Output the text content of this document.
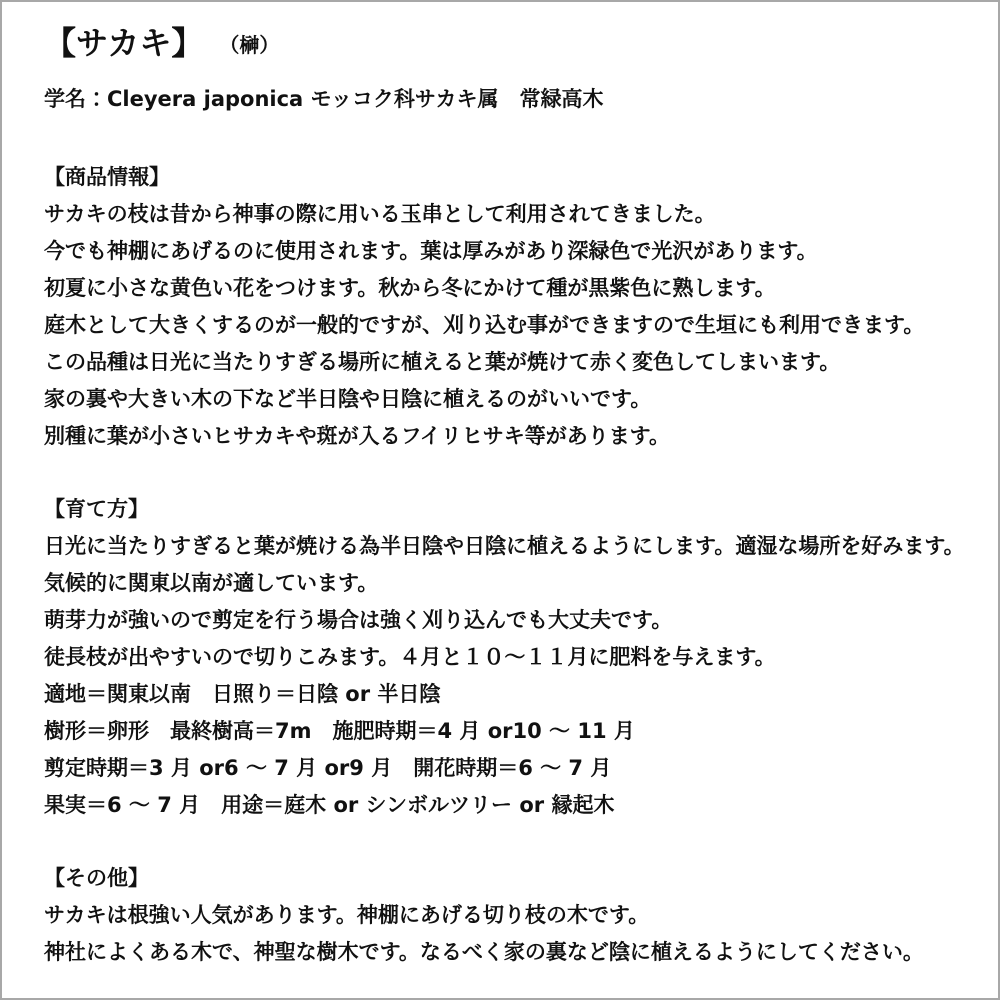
【サカキ】 （榊）

学名：Cleyera japonica モッコク科サカキ属　常緑高木

【商品情報】

サカキの枝は昔から神事の際に用いる玉串として利用されてきました。

今でも神棚にあげるのに使用されます。葉は厚みがあり深緑色で光沢があります。

初夏に小さな黄色い花をつけます。秋から冬にかけて種が黒紫色に熟します。

庭木として大きくするのが一般的ですが、刈り込む事ができますので生垣にも利用できます。

この品種は日光に当たりすぎる場所に植えると葉が焼けて赤く変色してしまいます。

家の裏や大きい木の下など半日陰や日陰に植えるのがいいです。

別種に葉が小さいヒサカキや斑が入るフイリヒサキ等があります。

【育て方】

日光に当たりすぎると葉が焼ける為半日陰や日陰に植えるようにします。適湿な場所を好みます。

気候的に関東以南が適しています。

萌芽力が強いので剪定を行う場合は強く刈り込んでも大丈夫です。

徒長枝が出やすいので切りこみます。４月と１０～１１月に肥料を与えます。

適地＝関東以南　日照り＝日陰 or 半日陰

樹形＝卵形　最終樹高＝7m　施肥時期＝4 月 or10 ～ 11 月

剪定時期＝3 月 or6 ～ 7 月 or9 月　開花時期＝6 ～ 7 月

果実＝6 ～ 7 月　用途＝庭木 or シンボルツリー or 縁起木

【その他】

サカキは根強い人気があります。神棚にあげる切り枝の木です。

神社によくある木で、神聖な樹木です。なるべく家の裏など陰に植えるようにしてください。
